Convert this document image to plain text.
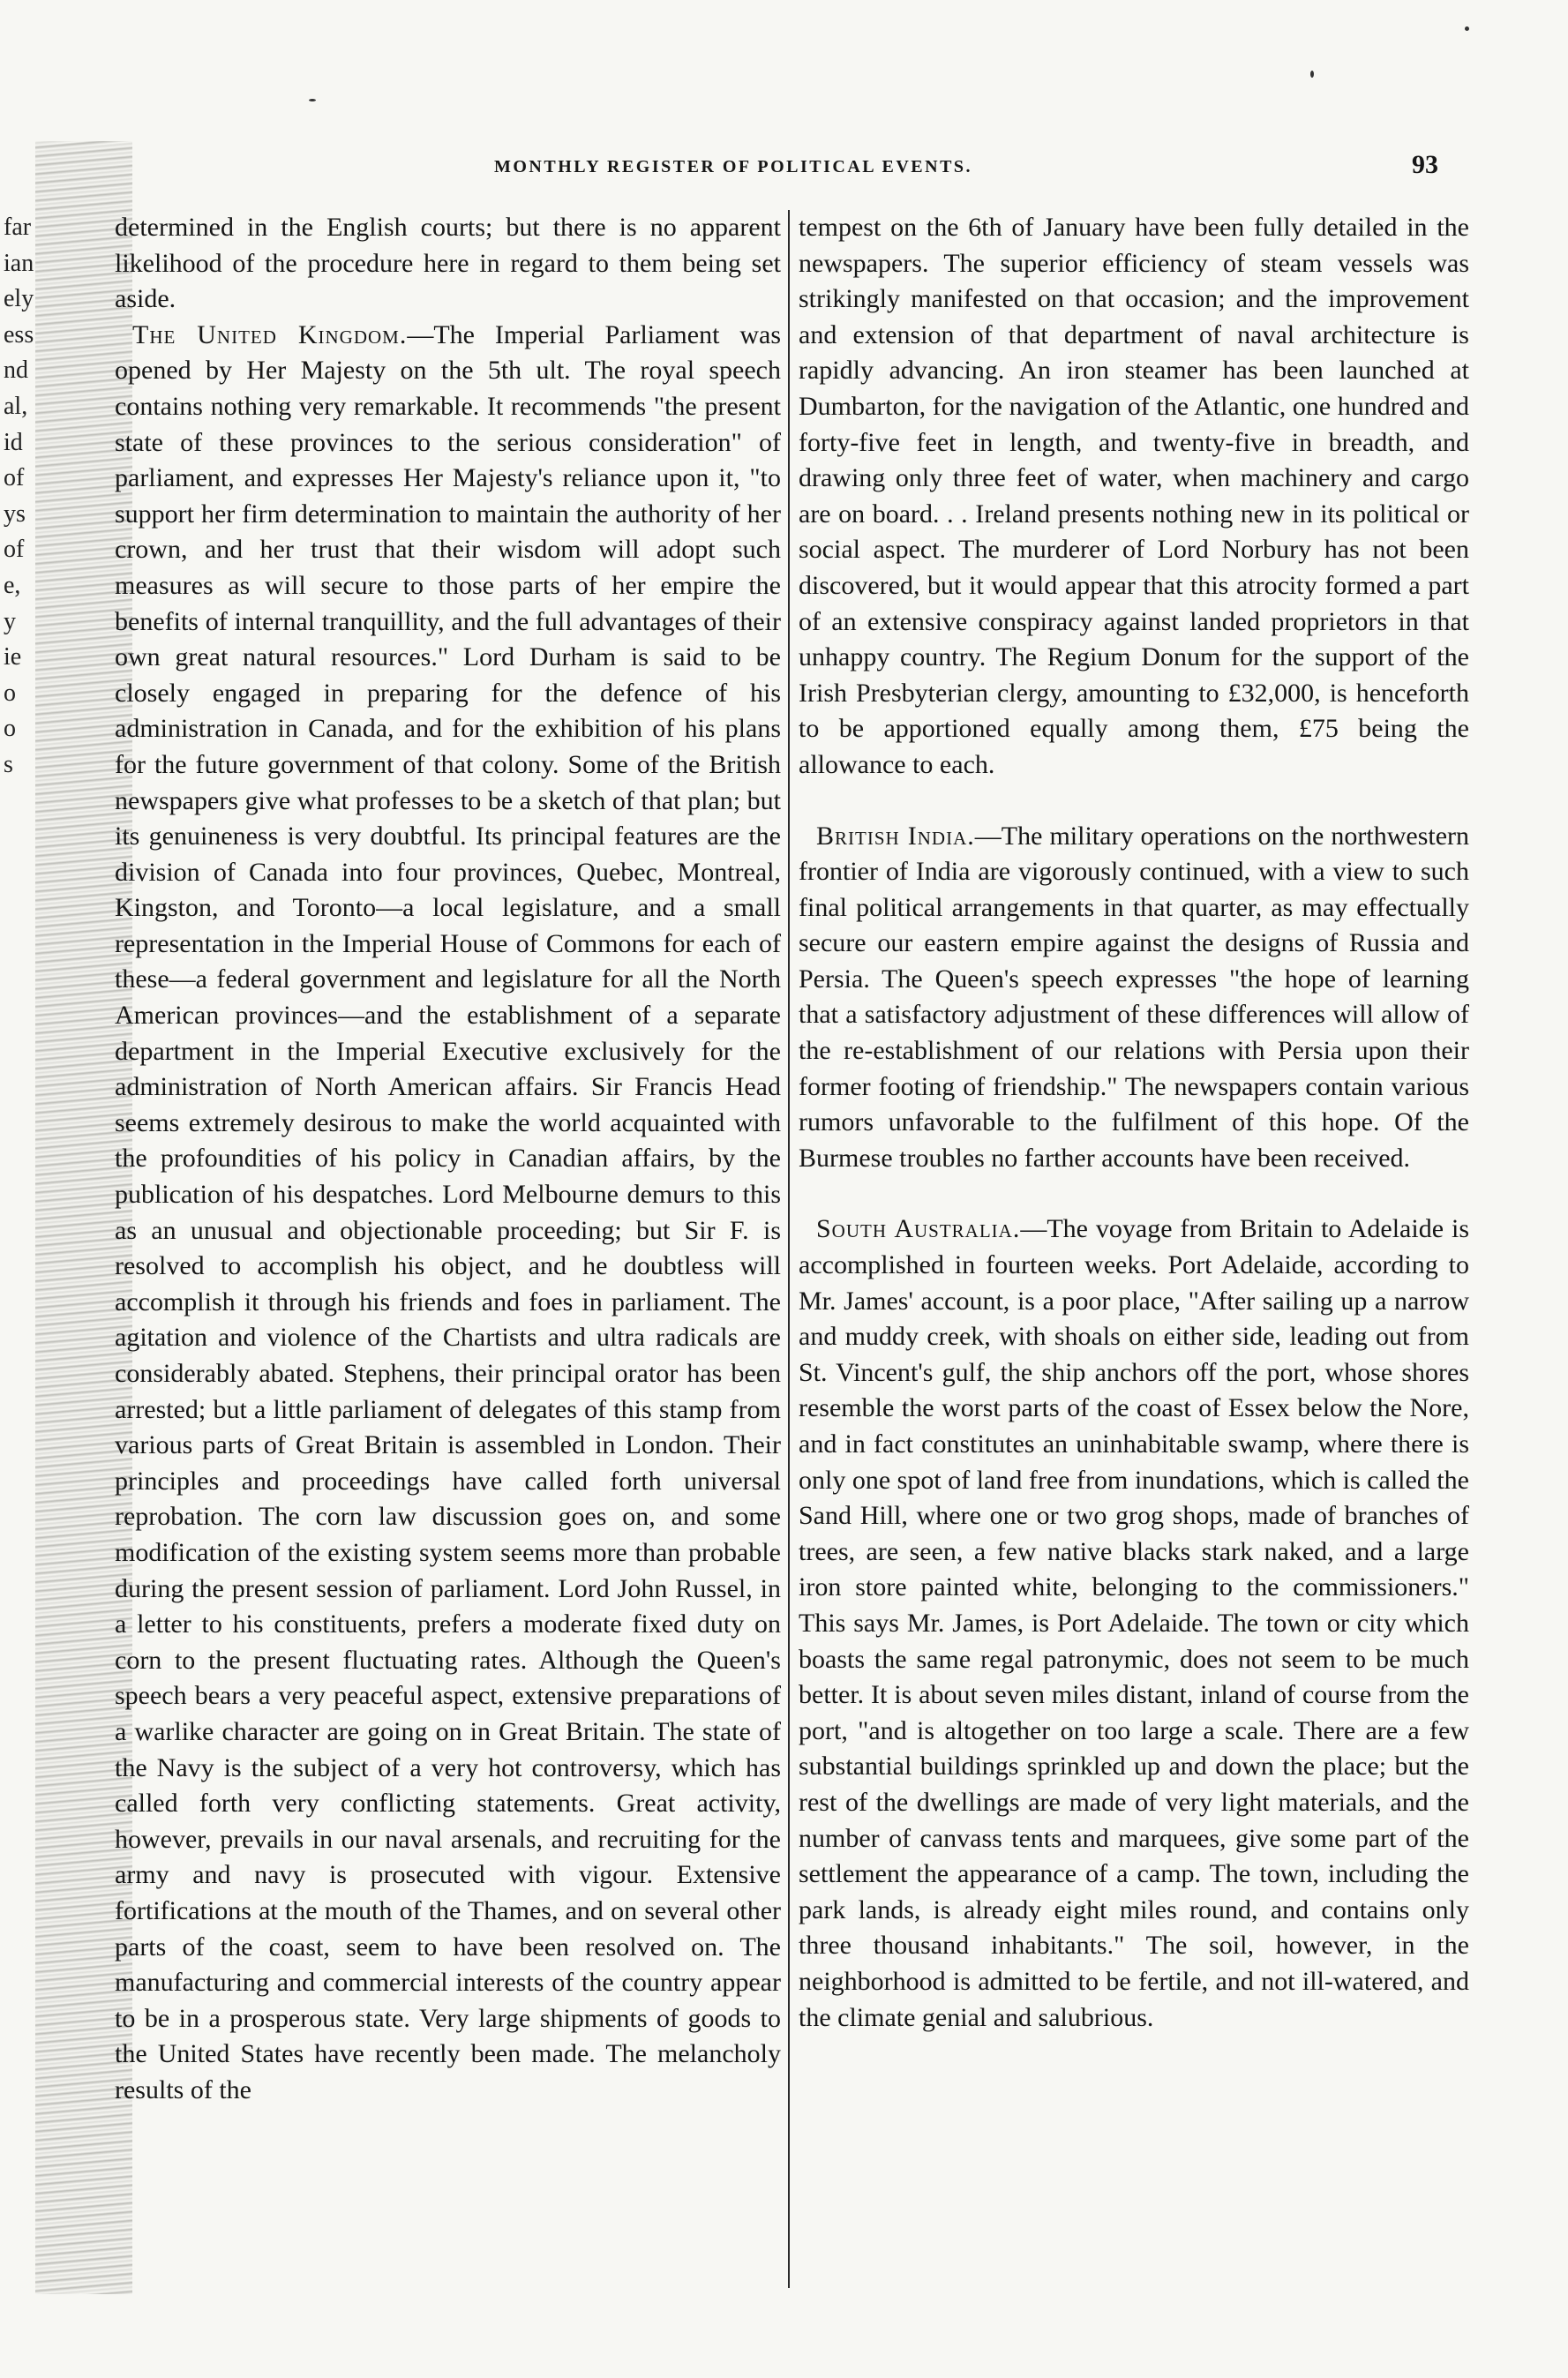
far
ian
ely
ess
nd
al,
id
of
ys
of
e,
y
ie
o
o
s
MONTHLY REGISTER OF POLITICAL EVENTS.	93

determined in the English courts; but there is no apparent likelihood of the procedure here in regard to them being set aside.

The United Kingdom.—The Imperial Parliament was opened by Her Majesty on the 5th ult. The royal speech contains nothing very remarkable. It recommends "the present state of these provinces to the serious consideration" of parliament, and expresses Her Majesty's reliance upon it, "to support her firm determination to maintain the authority of her crown, and her trust that their wisdom will adopt such measures as will secure to those parts of her empire the benefits of internal tranquillity, and the full advantages of their own great natural resources." Lord Durham is said to be closely engaged in preparing for the defence of his administration in Canada, and for the exhibition of his plans for the future government of that colony. Some of the British newspapers give what professes to be a sketch of that plan; but its genuineness is very doubtful. Its principal features are the division of Canada into four provinces, Quebec, Montreal, Kingston, and Toronto—a local legislature, and a small representation in the Imperial House of Commons for each of these—a federal government and legislature for all the North American provinces—and the establishment of a separate department in the Imperial Executive exclusively for the administration of North American affairs. Sir Francis Head seems extremely desirous to make the world acquainted with the profoundities of his policy in Canadian affairs, by the publication of his despatches. Lord Melbourne demurs to this as an unusual and objectionable proceeding; but Sir F. is resolved to accomplish his object, and he doubtless will accomplish it through his friends and foes in parliament. The agitation and violence of the Chartists and ultra radicals are considerably abated. Stephens, their principal orator has been arrested; but a little parliament of delegates of this stamp from various parts of Great Britain is assembled in London. Their principles and proceedings have called forth universal reprobation. The corn law discussion goes on, and some modification of the existing system seems more than probable during the present session of parliament. Lord John Russel, in a letter to his constituents, prefers a moderate fixed duty on corn to the present fluctuating rates. Although the Queen's speech bears a very peaceful aspect, extensive preparations of a warlike character are going on in Great Britain. The state of the Navy is the subject of a very hot controversy, which has called forth very conflicting statements. Great activity, however, prevails in our naval arsenals, and recruiting for the army and navy is prosecuted with vigour. Extensive fortifications at the mouth of the Thames, and on several other parts of the coast, seem to have been resolved on. The manufacturing and commercial interests of the country appear to be in a prosperous state. Very large shipments of goods to the United States have recently been made. The melancholy results of the

tempest on the 6th of January have been fully detailed in the newspapers. The superior efficiency of steam vessels was strikingly manifested on that occasion; and the improvement and extension of that department of naval architecture is rapidly advancing. An iron steamer has been launched at Dumbarton, for the navigation of the Atlantic, one hundred and forty-five feet in length, and twenty-five in breadth, and drawing only three feet of water, when machinery and cargo are on board. . . Ireland presents nothing new in its political or social aspect. The murderer of Lord Norbury has not been discovered, but it would appear that this atrocity formed a part of an extensive conspiracy against landed proprietors in that unhappy country. The Regium Donum for the support of the Irish Presbyterian clergy, amounting to £32,000, is henceforth to be apportioned equally among them, £75 being the allowance to each.

British India.—The military operations on the northwestern frontier of India are vigorously continued, with a view to such final political arrangements in that quarter, as may effectually secure our eastern empire against the designs of Russia and Persia. The Queen's speech expresses "the hope of learning that a satisfactory adjustment of these differences will allow of the re-establishment of our relations with Persia upon their former footing of friendship." The newspapers contain various rumors unfavorable to the fulfilment of this hope. Of the Burmese troubles no farther accounts have been received.

South Australia.—The voyage from Britain to Adelaide is accomplished in fourteen weeks. Port Adelaide, according to Mr. James' account, is a poor place, "After sailing up a narrow and muddy creek, with shoals on either side, leading out from St. Vincent's gulf, the ship anchors off the port, whose shores resemble the worst parts of the coast of Essex below the Nore, and in fact constitutes an uninhabitable swamp, where there is only one spot of land free from inundations, which is called the Sand Hill, where one or two grog shops, made of branches of trees, are seen, a few native blacks stark naked, and a large iron store painted white, belonging to the commissioners." This says Mr. James, is Port Adelaide. The town or city which boasts the same regal patronymic, does not seem to be much better. It is about seven miles distant, inland of course from the port, "and is altogether on too large a scale. There are a few substantial buildings sprinkled up and down the place; but the rest of the dwellings are made of very light materials, and the number of canvass tents and marquees, give some part of the settlement the appearance of a camp. The town, including the park lands, is already eight miles round, and contains only three thousand inhabitants." The soil, however, in the neighborhood is admitted to be fertile, and not ill-watered, and the climate genial and salubrious.
